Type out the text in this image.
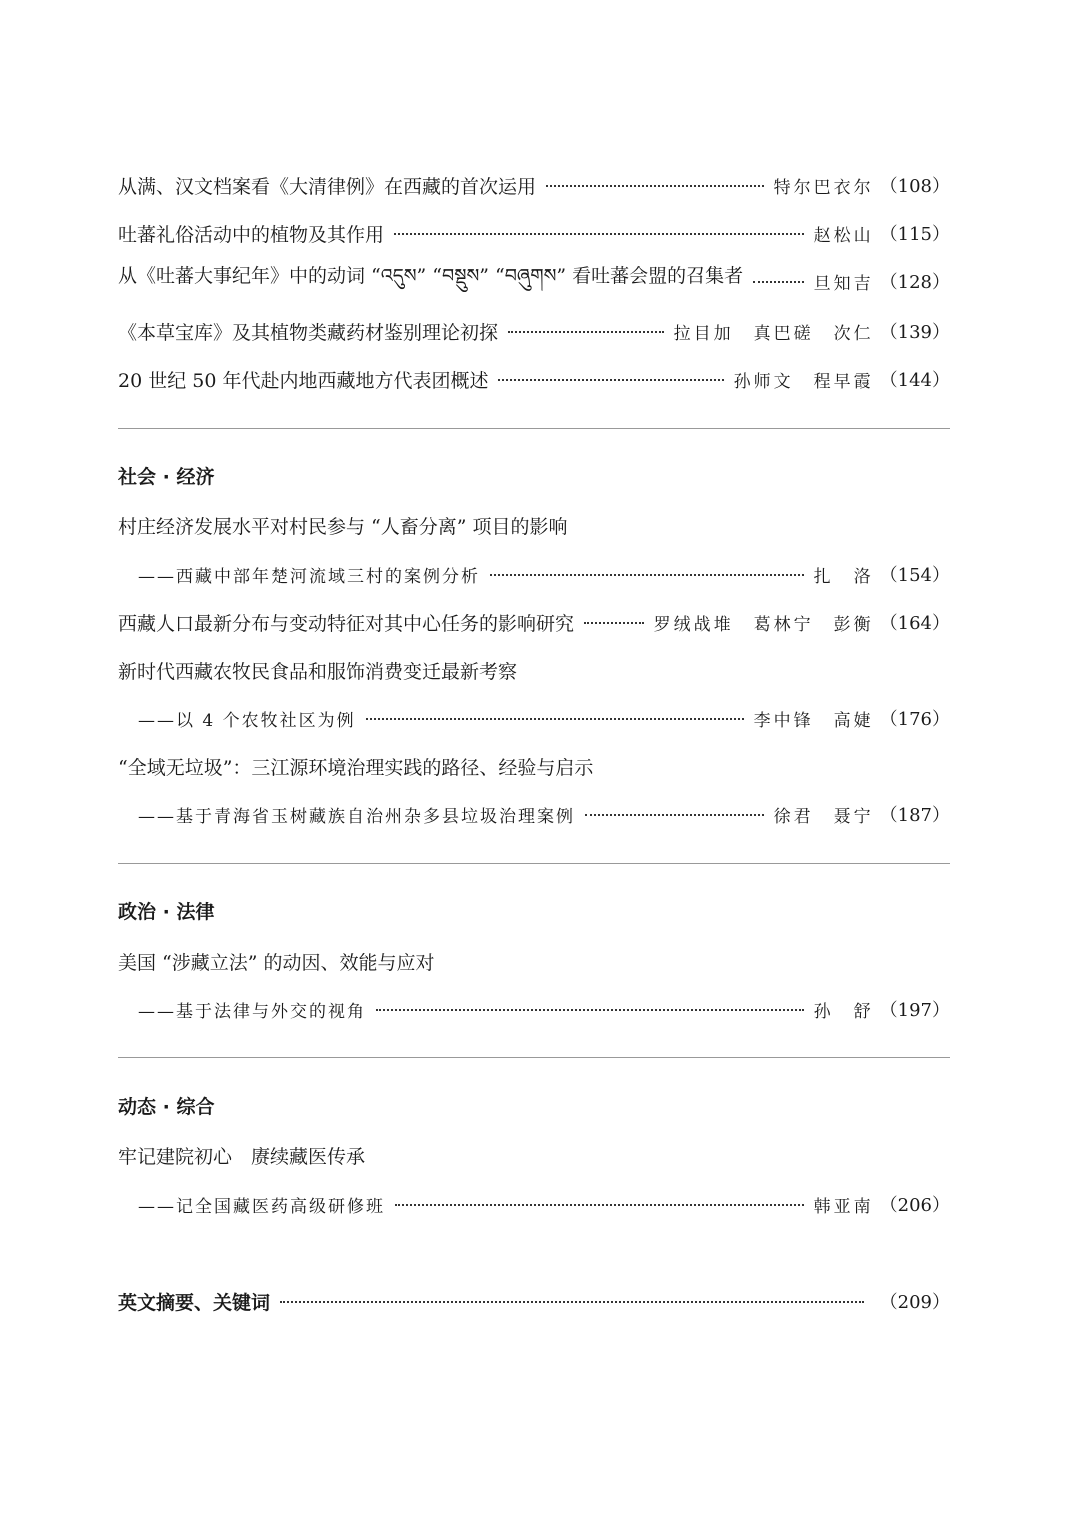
从满、汉文档案看《大清律例》在西藏的首次运用	特尔巴衣尔 （108）
吐蕃礼俗活动中的植物及其作用	赵松山 （115）
从《吐蕃大事纪年》中的动词 “འདུས” “བསྡུས” “བཞུགས” 看吐蕃会盟的召集者	旦知吉 （128）
《本草宝库》及其植物类藏药材鉴别理论初探	拉目加　真巴磋　次仁 （139）
20 世纪 50 年代赴内地西藏地方代表团概述	孙师文　程早霞 （144）
社会 · 经济
村庄经济发展水平对村民参与 “人畜分离” 项目的影响
——西藏中部年楚河流域三村的案例分析	扎　洛 （154）
西藏人口最新分布与变动特征对其中心任务的影响研究	罗绒战堆　葛林宁　彭衡 （164）
新时代西藏农牧民食品和服饰消费变迁最新考察
——以 4 个农牧社区为例	李中锋　高婕 （176）
“全域无垃圾”：三江源环境治理实践的路径、经验与启示
——基于青海省玉树藏族自治州杂多县垃圾治理案例	徐君　聂宁 （187）
政治 · 法律
美国 “涉藏立法” 的动因、效能与应对
——基于法律与外交的视角	孙　舒 （197）
动态 · 综合
牢记建院初心　赓续藏医传承
——记全国藏医药高级研修班	韩亚南 （206）
英文摘要、关键词	（209）
